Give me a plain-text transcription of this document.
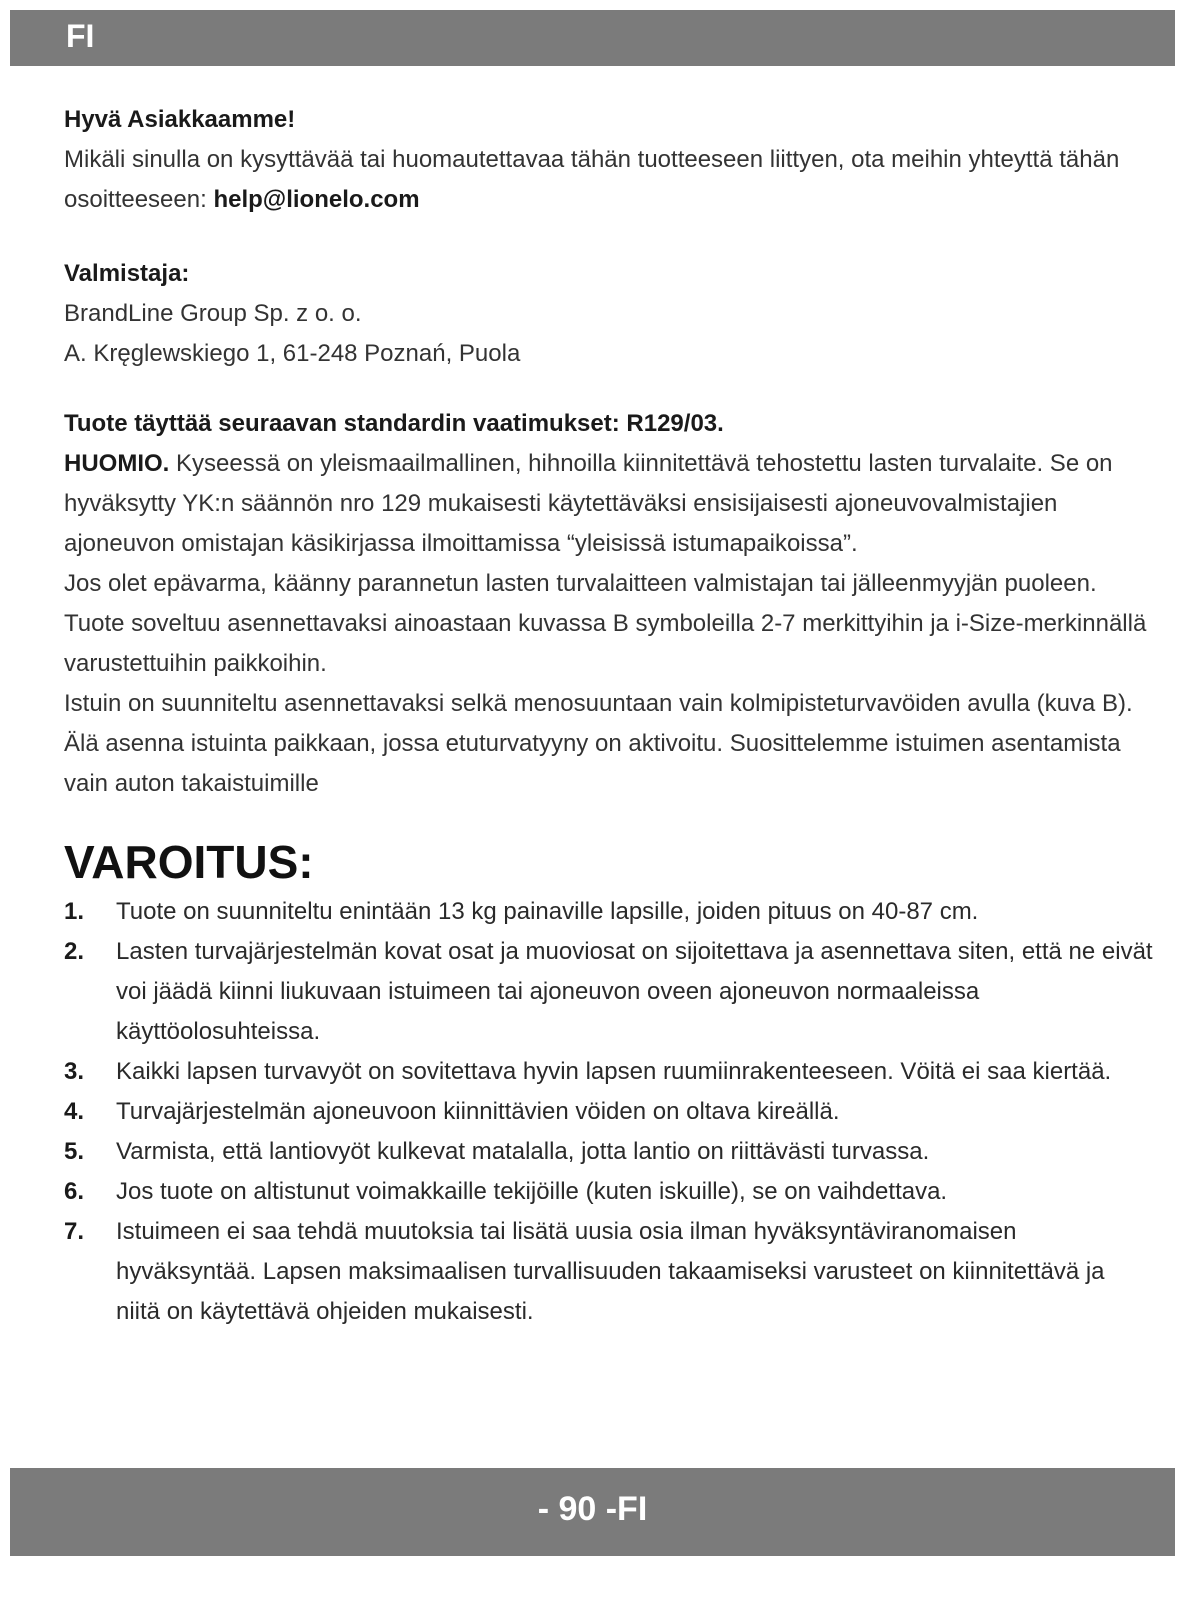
FI

Hyvä Asiakkaamme!

Mikäli sinulla on kysyttävää tai huomautettavaa tähän tuotteeseen liittyen, ota meihin yhteyttä tähän osoitteeseen: help@lionelo.com

Valmistaja:

BrandLine Group Sp. z o. o.

A. Kręglewskiego 1, 61-248 Poznań, Puola

Tuote täyttää seuraavan standardin vaatimukset: R129/03.

HUOMIO. Kyseessä on yleismaailmallinen, hihnoilla kiinnitettävä tehostettu lasten turvalaite. Se on hyväksytty YK:n säännön nro 129 mukaisesti käytettäväksi ensisijaisesti ajoneuvovalmistajien ajoneuvon omistajan käsikirjassa ilmoittamissa “yleisissä istumapaikoissa”.

Jos olet epävarma, käänny parannetun lasten turvalaitteen valmistajan tai jälleenmyyjän puoleen.

Tuote soveltuu asennettavaksi ainoastaan kuvassa B symboleilla 2-7 merkittyihin ja i-Size-merkinnällä varustettuihin paikkoihin.

Istuin on suunniteltu asennettavaksi selkä menosuuntaan vain kolmipisteturvavöiden avulla (kuva B). Älä asenna istuinta paikkaan, jossa etuturvatyyny on aktivoitu. Suosittelemme istuimen asentamista vain auton takaistuimille

VAROITUS:
1. Tuote on suunniteltu enintään 13 kg painaville lapsille, joiden pituus on 40-87 cm.
2. Lasten turvajärjestelmän kovat osat ja muoviosat on sijoitettava ja asennettava siten, että ne eivät voi jäädä kiinni liukuvaan istuimeen tai ajoneuvon oveen ajoneuvon normaaleissa käyttöolosuhteissa.
3. Kaikki lapsen turvavyöt on sovitettava hyvin lapsen ruumiinrakenteeseen. Vöitä ei saa kiertää.
4. Turvajärjestelmän ajoneuvoon kiinnittävien vöiden on oltava kireällä.
5. Varmista, että lantiovyöt kulkevat matalalla, jotta lantio on riittävästi turvassa.
6. Jos tuote on altistunut voimakkaille tekijöille (kuten iskuille), se on vaihdettava.
7. Istuimeen ei saa tehdä muutoksia tai lisätä uusia osia ilman hyväksyntäviranomaisen hyväksyntää. Lapsen maksimaalisen turvallisuuden takaamiseksi varusteet on kiinnitettävä ja niitä on käytettävä ohjeiden mukaisesti.
- 90 -FI
